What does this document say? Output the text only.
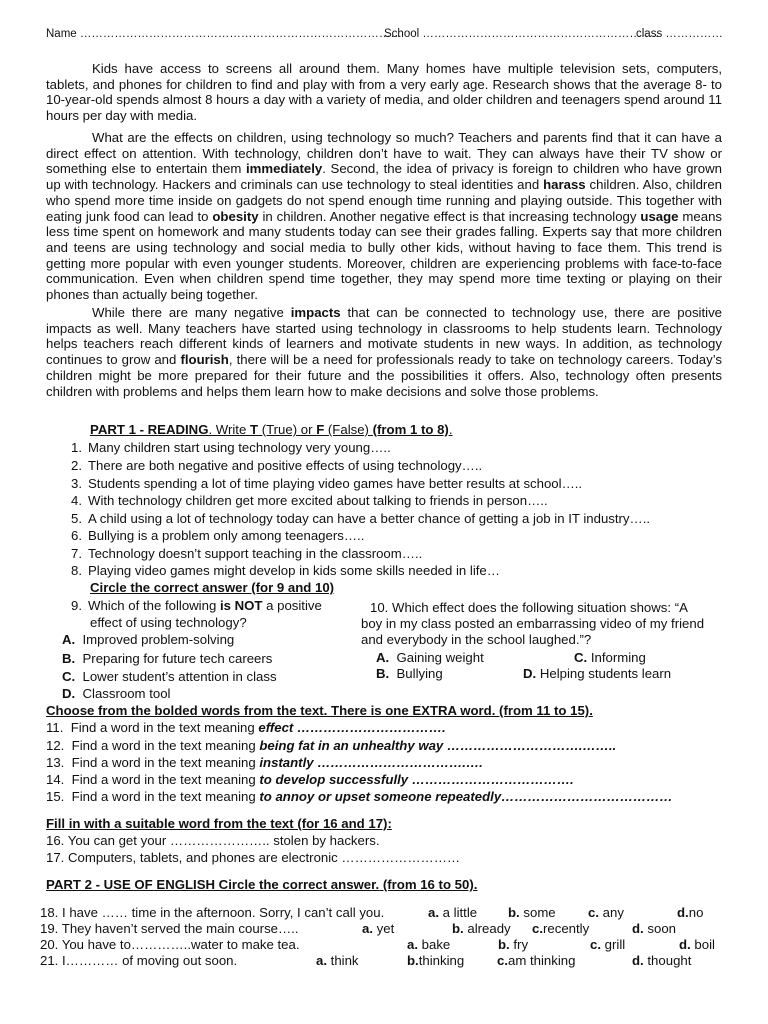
Name …………………………………………………………………………
School ……………………………………………………..
class ……………
Kids have access to screens all around them. Many homes have multiple television sets, computers, tablets, and phones for children to find and play with from a very early age. Research shows that the average 8- to 10-year-old spends almost 8 hours a day with a variety of media, and older children and teenagers spend around 11 hours per day with media.
What are the effects on children, using technology so much? Teachers and parents find that it can have a direct effect on attention. With technology, children don’t have to wait. They can always have their TV show or something else to entertain them immediately. Second, the idea of privacy is foreign to children who have grown up with technology. Hackers and criminals can use technology to steal identities and harass children. Also, children who spend more time inside on gadgets do not spend enough time running and playing outside. This together with eating junk food can lead to obesity in children. Another negative effect is that increasing technology usage means less time spent on homework and many students today can see their grades falling. Experts say that more children and teens are using technology and social media to bully other kids, without having to face them. This trend is getting more popular with even younger students. Moreover, children are experiencing problems with face-to-face communication. Even when children spend time together, they may spend more time texting or playing on their phones than actually being together.
While there are many negative impacts that can be connected to technology use, there are positive impacts as well. Many teachers have started using technology in classrooms to help students learn. Technology helps teachers reach different kinds of learners and motivate students in new ways. In addition, as technology continues to grow and flourish, there will be a need for professionals ready to take on technology careers. Today’s children might be more prepared for their future and the possibilities it offers. Also, technology often presents children with problems and helps them learn how to make decisions and solve those problems.
PART 1 - READING. Write T (True) or F (False) (from 1 to 8).
1. Many children start using technology very young…..
2. There are both negative and positive effects of using technology…..
3. Students spending a lot of time playing video games have better results at school…..
4. With technology children get more excited about talking to friends in person…..
5. A child using a lot of technology today can have a better chance of getting a job in IT industry…..
6. Bullying is a problem only among teenagers…..
7. Technology doesn’t support teaching in the classroom…..
8. Playing video games might develop in kids some skills needed in life…
Circle the correct answer (for 9 and 10)
9. Which of the following is NOT a positive
effect of using technology?
A. Improved problem-solving
B. Preparing for future tech careers
C. Lower student’s attention in class
D. Classroom tool
10. Which effect does the following situation shows: “A
boy in my class posted an embarrassing video of my friend
and everybody in the school laughed.”?
A. Gaining weight	C. Informing
B. Bullying	D. Helping students learn
Choose from the bolded words from the text. There is one EXTRA word. (from 11 to 15).
11. Find a word in the text meaning effect …………………………….
12. Find a word in the text meaning being fat in an unhealthy way ………………………….……..
13. Find a word in the text meaning instantly …………………………….….
14. Find a word in the text meaning to develop successfully ……………………………….
15. Find a word in the text meaning to annoy or upset someone repeatedly…………………………………
Fill in with a suitable word from the text (for 16 and 17):
16. You can get your ………………….. stolen by hackers.
17. Computers, tablets, and phones are electronic ………………………
PART 2 - USE OF ENGLISH Circle the correct answer. (from 16 to 50).
18. I have …… time in the afternoon. Sorry, I can’t call you.	a. a little b. some c. any	d.no
19. They haven’t served the main course…..	a. yet	b. already c.recently	d. soon
20. You have to…………..water to make tea.	a. bake	b. fry	c. grill	d. boil
21. I………… of moving out soon.	a. think	b.thinking c.am thinking	d. thought
